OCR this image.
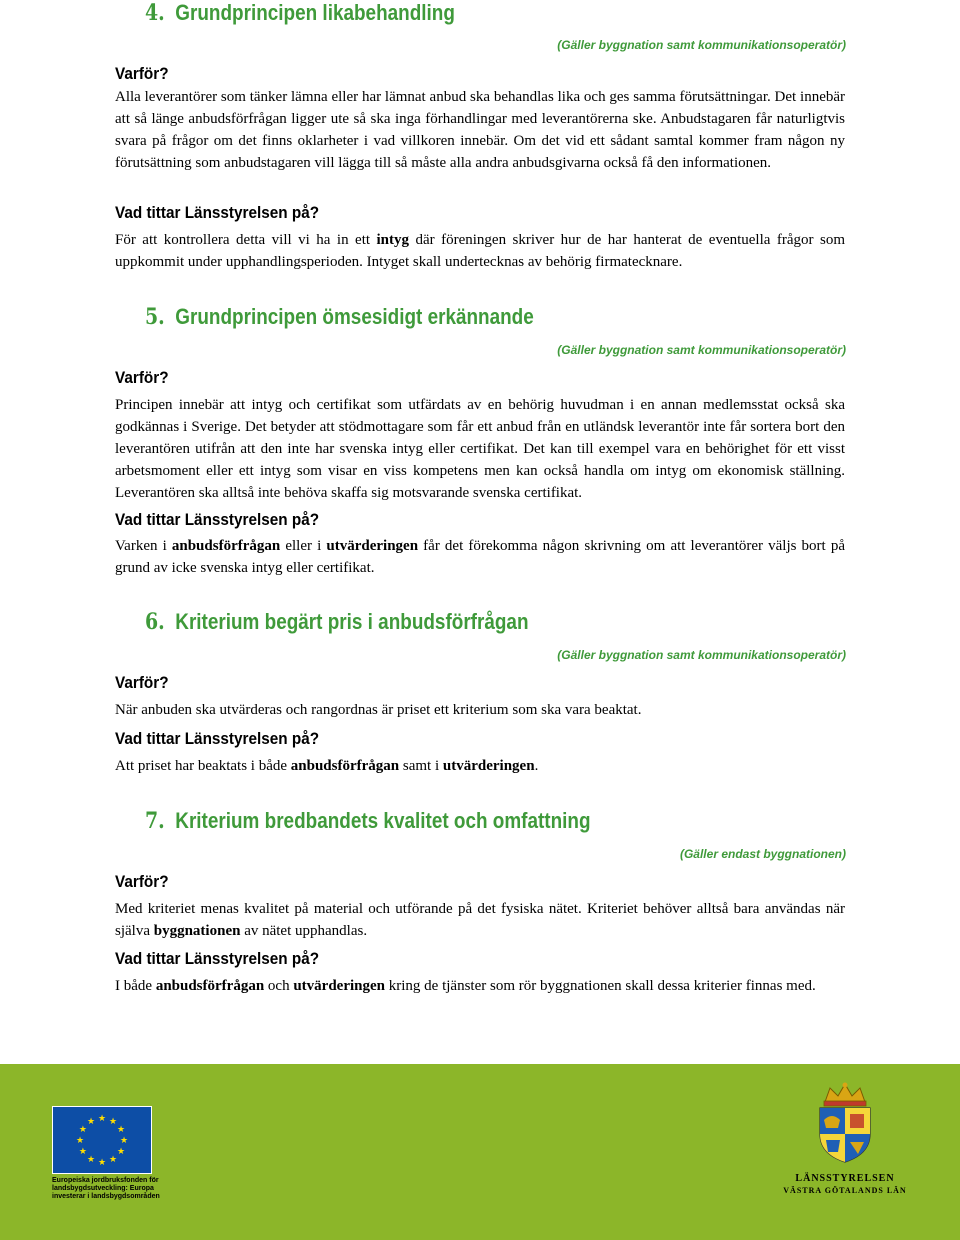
4. Grundprincipen likabehandling
(Gäller byggnation samt kommunikationsoperatör)
Varför?

Alla leverantörer som tänker lämna eller har lämnat anbud ska behandlas lika och ges samma förutsättningar. Det innebär att så länge anbudsförfrågan ligger ute så ska inga förhandlingar med leverantörerna ske. Anbudstagaren får naturligtvis svara på frågor om det finns oklarheter i vad villkoren innebär. Om det vid ett sådant samtal kommer fram någon ny förutsättning som anbudstagaren vill lägga till så måste alla andra anbudsgivarna också få den informationen.

Vad tittar Länsstyrelsen på?

För att kontrollera detta vill vi ha in ett intyg där föreningen skriver hur de har hanterat de eventuella frågor som uppkommit under upphandlingsperioden. Intyget skall undertecknas av behörig firmatecknare.

5. Grundprincipen ömsesidigt erkännande
(Gäller byggnation samt kommunikationsoperatör)
Varför?

Principen innebär att intyg och certifikat som utfärdats av en behörig huvudman i en annan medlemsstat också ska godkännas i Sverige. Det betyder att stödmottagare som får ett anbud från en utländsk leverantör inte får sortera bort den leverantören utifrån att den inte har svenska intyg eller certifikat. Det kan till exempel vara en behörighet för ett visst arbetsmoment eller ett intyg som visar en viss kompetens men kan också handla om intyg om ekonomisk ställning. Leverantören ska alltså inte behöva skaffa sig motsvarande svenska certifikat.

Vad tittar Länsstyrelsen på?

Varken i anbudsförfrågan eller i utvärderingen får det förekomma någon skrivning om att leverantörer väljs bort på grund av icke svenska intyg eller certifikat.

6. Kriterium begärt pris i anbudsförfrågan
(Gäller byggnation samt kommunikationsoperatör)
Varför?

När anbuden ska utvärderas och rangordnas är priset ett kriterium som ska vara beaktat.

Vad tittar Länsstyrelsen på?

Att priset har beaktats i både anbudsförfrågan samt i utvärderingen.

7. Kriterium bredbandets kvalitet och omfattning
(Gäller endast byggnationen)
Varför?

Med kriteriet menas kvalitet på material och utförande på det fysiska nätet. Kriteriet behöver alltså bara användas när själva byggnationen av nätet upphandlas.

Vad tittar Länsstyrelsen på?

I både anbudsförfrågan och utvärderingen kring de tjänster som rör byggnationen skall dessa kriterier finnas med.

★ ★
★
★
★
★
★
★
★
★
★
★
Europeiska jordbruksfonden för landsbygdsutveckling: Europa investerar i landsbygdsområden
LÄNSSTYRELSEN
VÄSTRA GÖTALANDS LÄN
